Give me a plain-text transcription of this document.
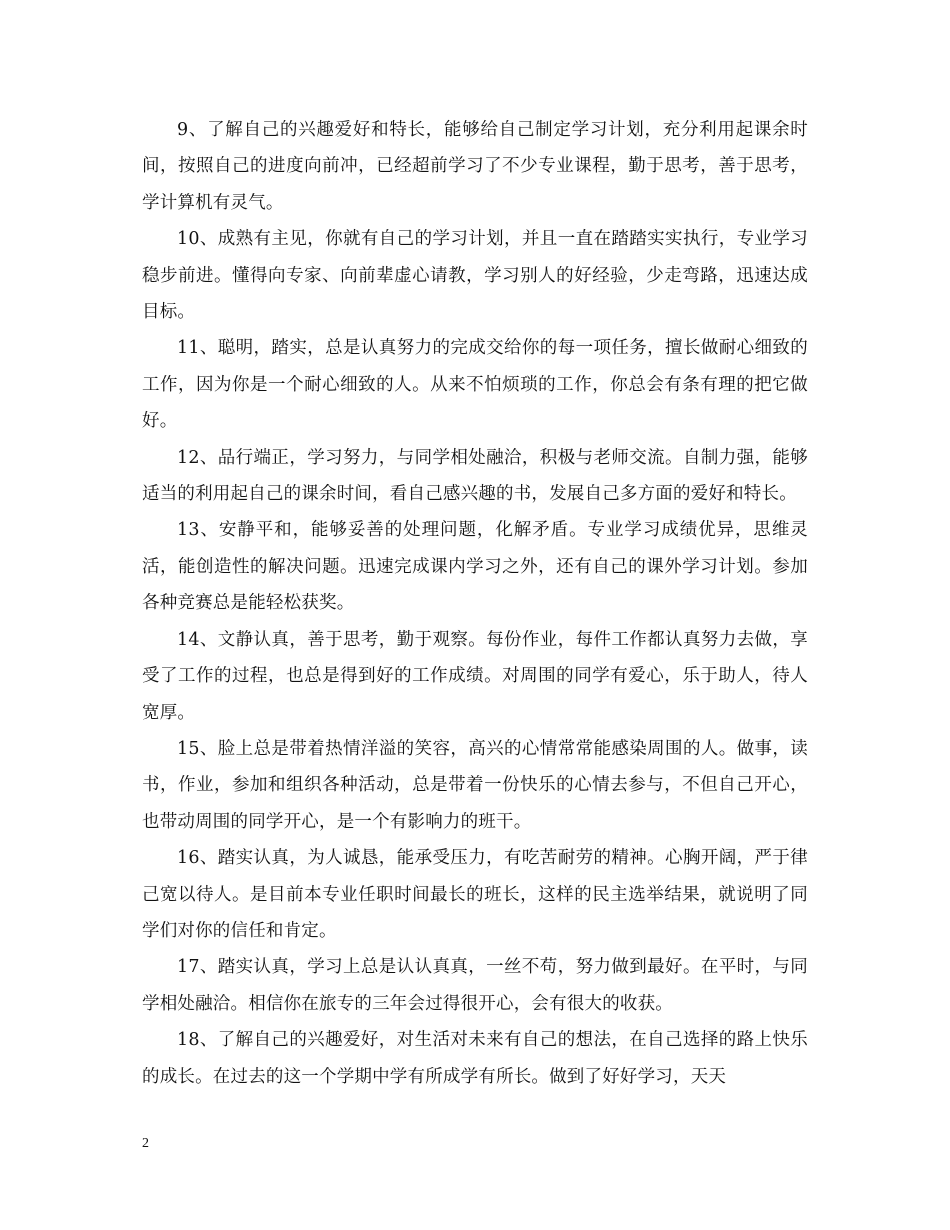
9、了解自己的兴趣爱好和特长，能够给自己制定学习计划，充分利用起课余时间，按照自己的进度向前冲，已经超前学习了不少专业课程，勤于思考，善于思考，学计算机有灵气。

10、成熟有主见，你就有自己的学习计划，并且一直在踏踏实实执行，专业学习稳步前进。懂得向专家、向前辈虚心请教，学习别人的好经验，少走弯路，迅速达成目标。

11、聪明，踏实，总是认真努力的完成交给你的每一项任务，擅长做耐心细致的工作，因为你是一个耐心细致的人。从来不怕烦琐的工作，你总会有条有理的把它做好。

12、品行端正，学习努力，与同学相处融洽，积极与老师交流。自制力强，能够适当的利用起自己的课余时间，看自己感兴趣的书，发展自己多方面的爱好和特长。

13、安静平和，能够妥善的处理问题，化解矛盾。专业学习成绩优异，思维灵活，能创造性的解决问题。迅速完成课内学习之外，还有自己的课外学习计划。参加各种竞赛总是能轻松获奖。

14、文静认真，善于思考，勤于观察。每份作业，每件工作都认真努力去做，享受了工作的过程，也总是得到好的工作成绩。对周围的同学有爱心，乐于助人，待人宽厚。

15、脸上总是带着热情洋溢的笑容，高兴的心情常常能感染周围的人。做事，读书，作业，参加和组织各种活动，总是带着一份快乐的心情去参与，不但自己开心，也带动周围的同学开心，是一个有影响力的班干。

16、踏实认真，为人诚恳，能承受压力，有吃苦耐劳的精神。心胸开阔，严于律己宽以待人。是目前本专业任职时间最长的班长，这样的民主选举结果，就说明了同学们对你的信任和肯定。

17、踏实认真，学习上总是认认真真，一丝不苟，努力做到最好。在平时，与同学相处融洽。相信你在旅专的三年会过得很开心，会有很大的收获。

18、了解自己的兴趣爱好，对生活对未来有自己的想法，在自己选择的路上快乐的成长。在过去的这一个学期中学有所成学有所长。做到了好好学习，天天

2
